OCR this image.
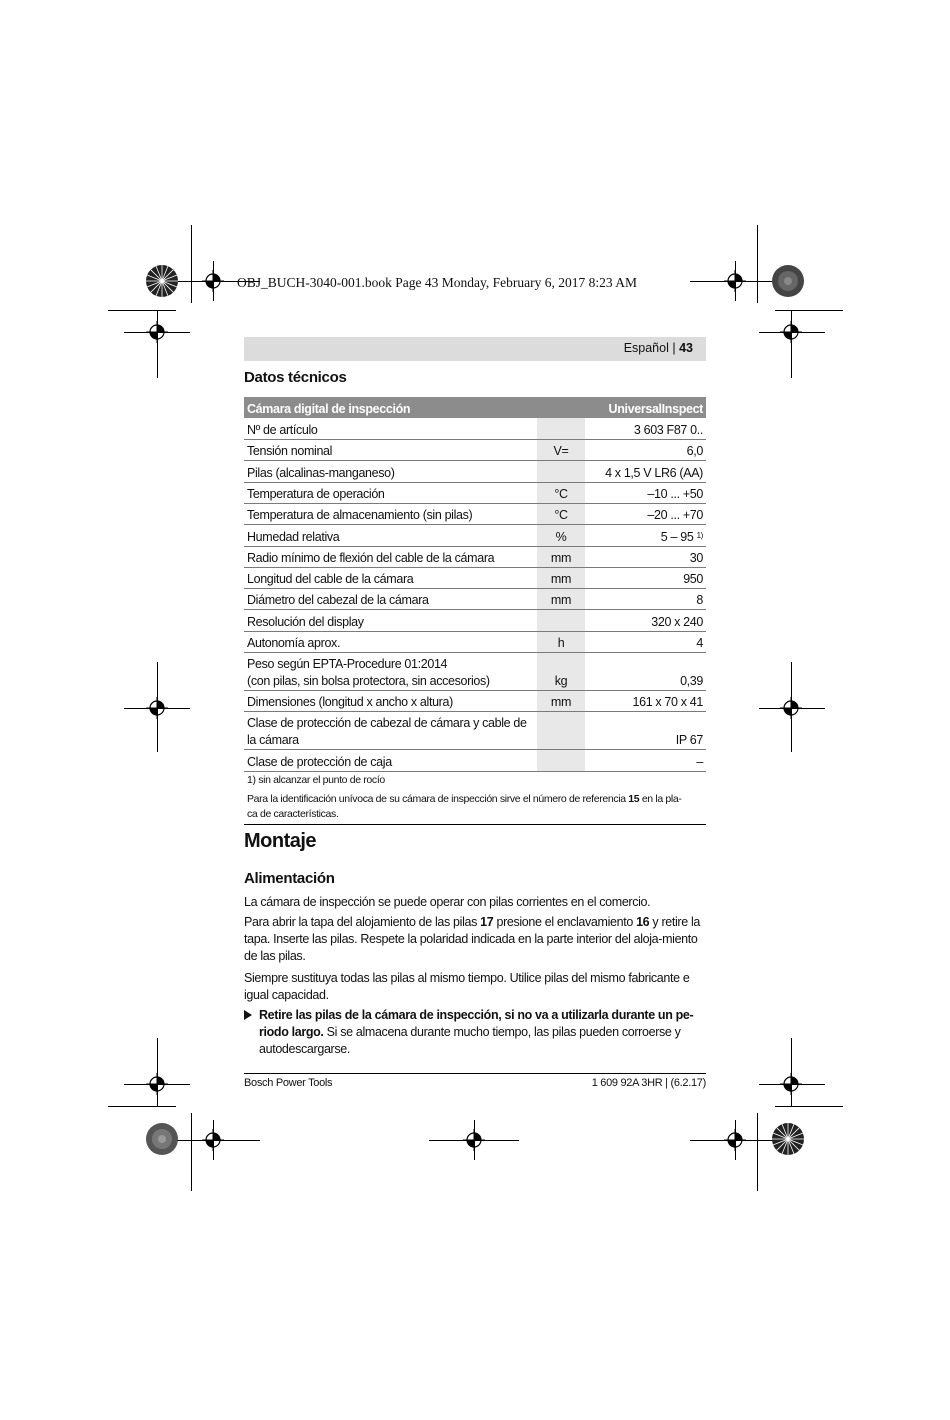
OBJ_BUCH-3040-001.book Page 43 Monday, February 6, 2017 8:23 AM
Español | 43
Datos técnicos
Cámara digital de inspección		UniversalInspect
Nº de artículo		3 603 F87 0..
Tensión nominal	V=	6,0
Pilas (alcalinas-manganeso)		4 x 1,5 V LR6 (AA)
Temperatura de operación	°C	–10 ... +50
Temperatura de almacenamiento (sin pilas)	°C	–20 ... +70
Humedad relativa	%	5 – 95 $^{1)}$
Radio mínimo de flexión del cable de la cámara	mm	30
Longitud del cable de la cámara	mm	950
Diámetro del cabezal de la cámara	mm	8
Resolución del display		320 x 240
Autonomía aprox.	h	4
Peso según EPTA-Procedure 01:2014
(con pilas, sin bolsa protectora, sin accesorios)	kg	0,39
Dimensiones (longitud x ancho x altura)	mm	161 x 70 x 41
Clase de protección de cabezal de cámara y cable de
la cámara		IP 67
Clase de protección de caja		–
1) sin alcanzar el punto de rocío
Para la identificación unívoca de su cámara de inspección sirve el número de referencia 15 en la pla-
ca de características.
Montaje
Alimentación
La cámara de inspección se puede operar con pilas corrientes en el comercio.
Para abrir la tapa del alojamiento de las pilas 17 presione el enclavamiento 16 y retire la tapa. Inserte las pilas. Respete la polaridad indicada en la parte interior del aloja-miento de las pilas.
Siempre sustituya todas las pilas al mismo tiempo. Utilice pilas del mismo fabricante e igual capacidad.
Retire las pilas de la cámara de inspección, si no va a utilizarla durante un pe-riodo largo. Si se almacena durante mucho tiempo, las pilas pueden corroerse y autodescargarse.
Bosch Power Tools	1 609 92A 3HR | (6.2.17)
